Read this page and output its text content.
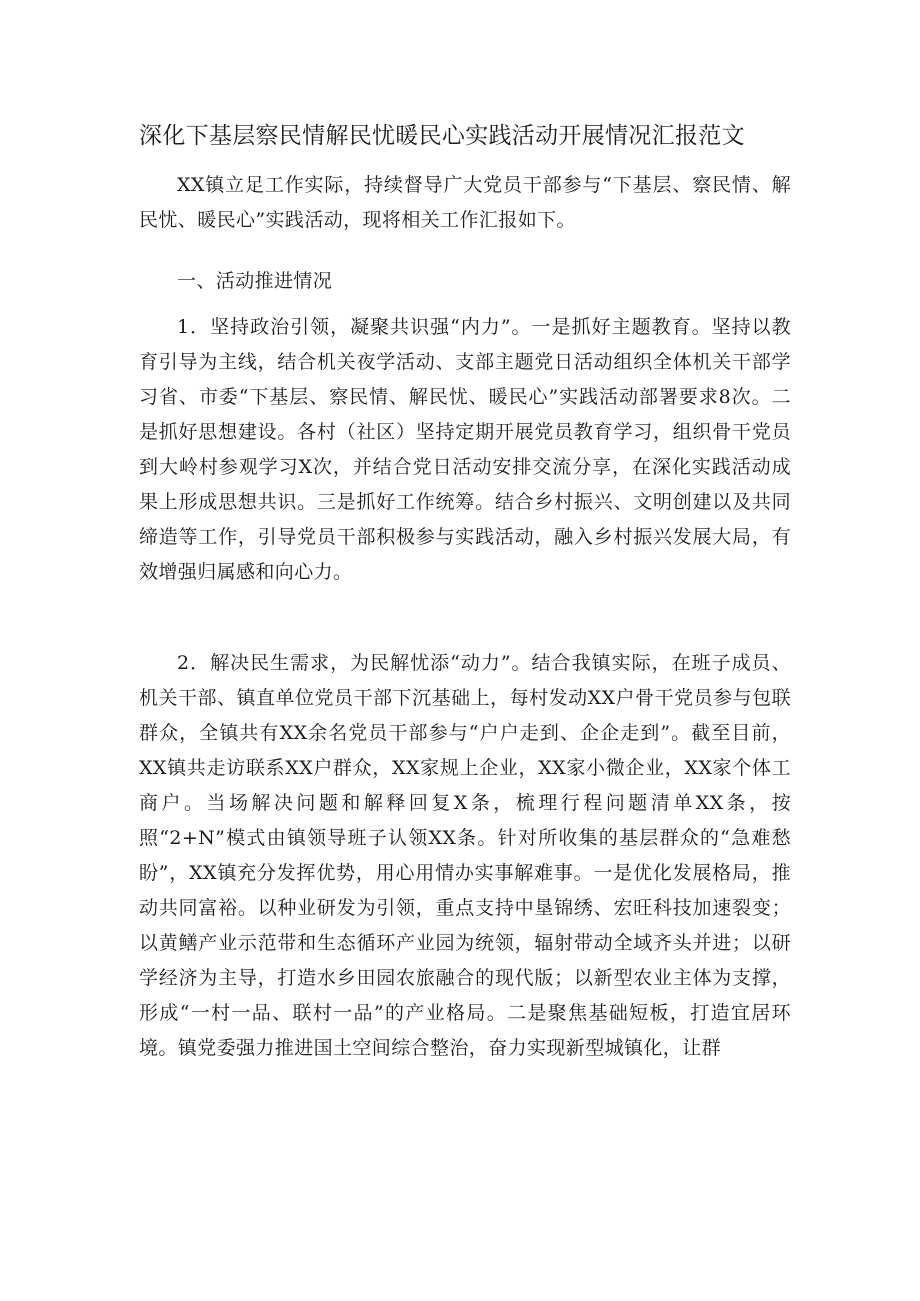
深化下基层察民情解民忧暖民心实践活动开展情况汇报范文

XX镇立足工作实际，持续督导广大党员干部参与“下基层、察民情、解民忧、暖民心”实践活动，现将相关工作汇报如下。

一、活动推进情况

1．坚持政治引领，凝聚共识强“内力”。一是抓好主题教育。坚持以教育引导为主线，结合机关夜学活动、支部主题党日活动组织全体机关干部学习省、市委“下基层、察民情、解民忧、暖民心”实践活动部署要求8次。二是抓好思想建设。各村（社区）坚持定期开展党员教育学习，组织骨干党员到大岭村参观学习X次，并结合党日活动安排交流分享，在深化实践活动成果上形成思想共识。三是抓好工作统筹。结合乡村振兴、文明创建以及共同缔造等工作，引导党员干部积极参与实践活动，融入乡村振兴发展大局，有效增强归属感和向心力。

2．解决民生需求，为民解忧添“动力”。结合我镇实际，在班子成员、机关干部、镇直单位党员干部下沉基础上，每村发动XX户骨干党员参与包联群众，全镇共有XX余名党员干部参与“户户走到、企企走到”。截至目前，XX镇共走访联系XX户群众，XX家规上企业，XX家小微企业，XX家个体工商户。当场解决问题和解释回复X条，梳理行程问题清单XX条，按照“2+N”模式由镇领导班子认领XX条。针对所收集的基层群众的“急难愁盼”，XX镇充分发挥优势，用心用情办实事解难事。一是优化发展格局，推动共同富裕。以种业研发为引领，重点支持中垦锦绣、宏旺科技加速裂变；以黄鳝产业示范带和生态循环产业园为统领，辐射带动全域齐头并进；以研学经济为主导，打造水乡田园农旅融合的现代版；以新型农业主体为支撑，形成“一村一品、联村一品”的产业格局。二是聚焦基础短板，打造宜居环境。镇党委强力推进国土空间综合整治，奋力实现新型城镇化，让群
